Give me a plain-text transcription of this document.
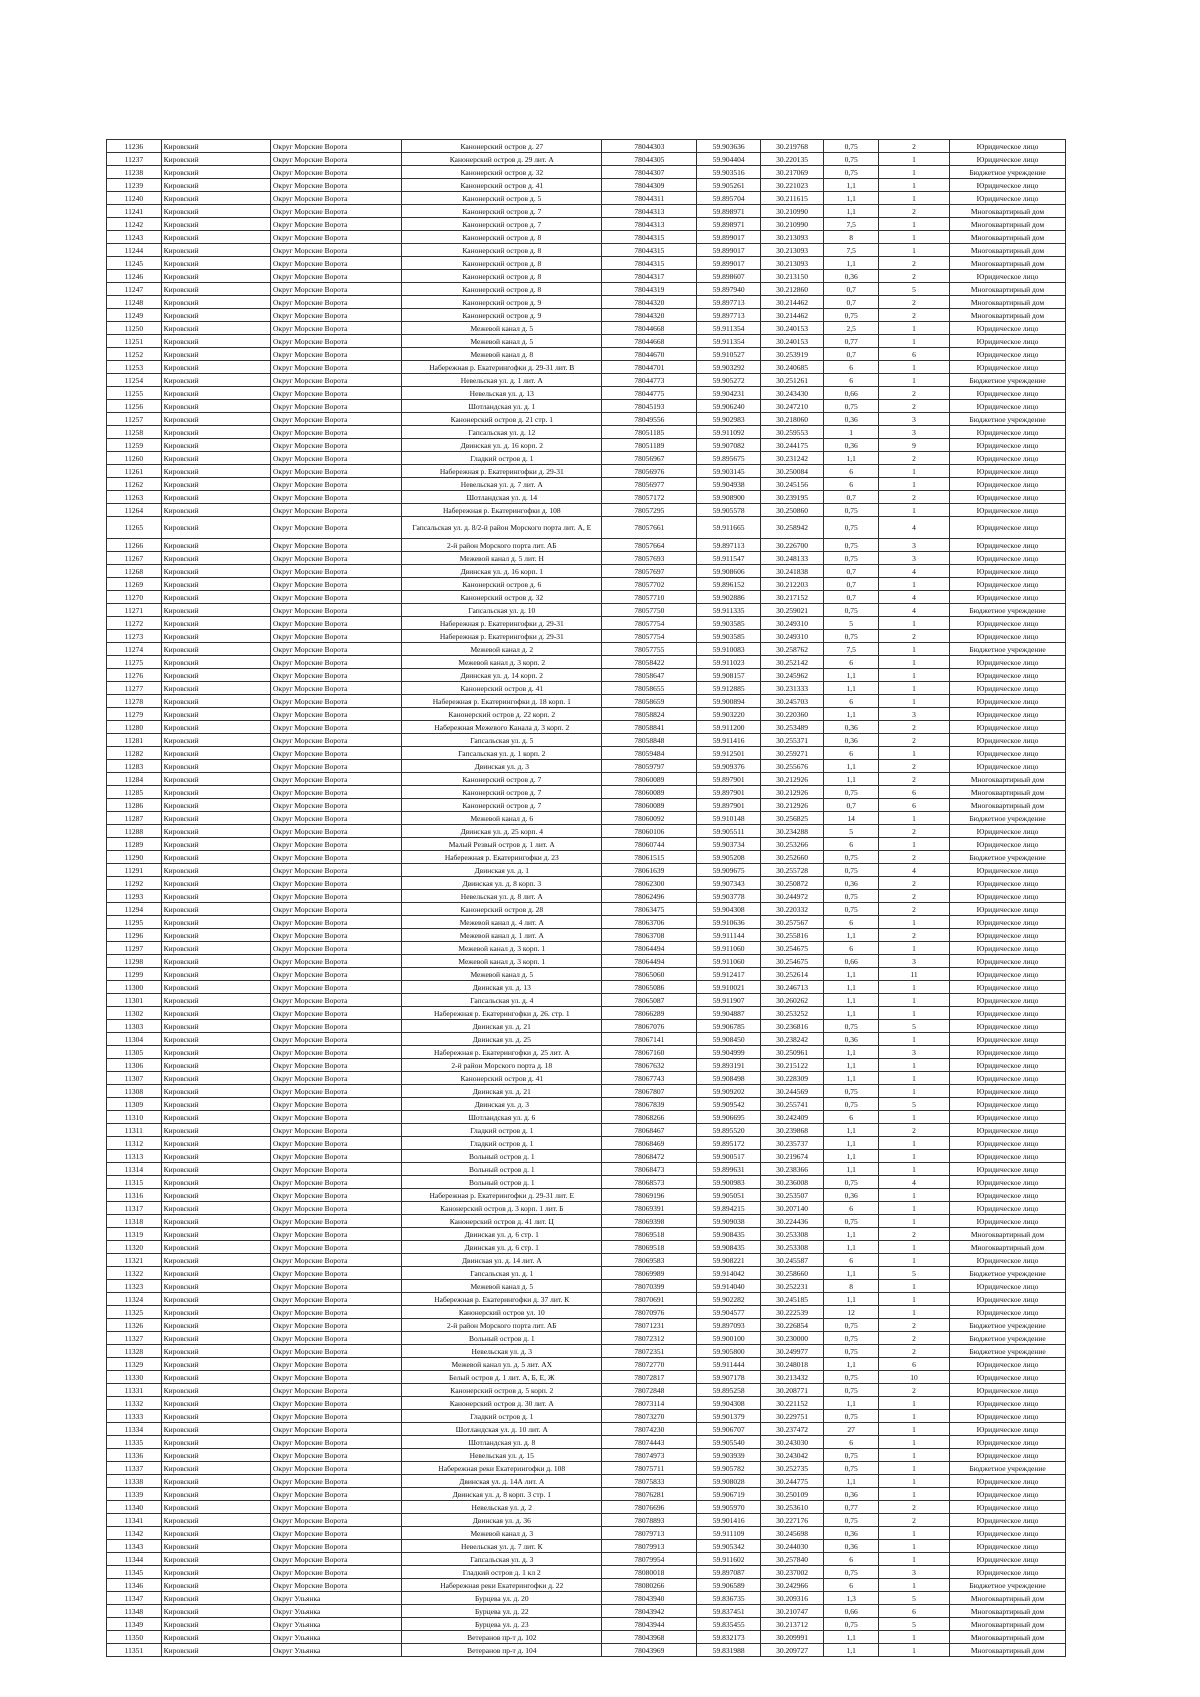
11236	Кировский	Округ Морские Ворота	Канонерский остров д. 27	78044303	59.903636	30.219768	0,75	2	Юридическое лицо
11237	Кировский	Округ Морские Ворота	Канонерский остров д. 29 лит. А	78044305	59.904404	30.220135	0,75	1	Юридическое лицо
11238	Кировский	Округ Морские Ворота	Канонерский остров д. 32	78044307	59.903516	30.217069	0,75	1	Бюджетное учреждение
11239	Кировский	Округ Морские Ворота	Канонерский остров д. 41	78044309	59.905261	30.221023	1,1	1	Юридическое лицо
11240	Кировский	Округ Морские Ворота	Канонерский остров д. 5	78044311	59.895704	30.211615	1,1	1	Юридическое лицо
11241	Кировский	Округ Морские Ворота	Канонерский остров д. 7	78044313	59.898971	30.210990	1,1	2	Многоквартирный дом
11242	Кировский	Округ Морские Ворота	Канонерский остров д. 7	78044313	59.898971	30.210990	7,5	1	Многоквартирный дом
11243	Кировский	Округ Морские Ворота	Канонерский остров д. 8	78044315	59.899017	30.213093	8	1	Многоквартирный дом
11244	Кировский	Округ Морские Ворота	Канонерский остров д. 8	78044315	59.899017	30.213093	7,5	1	Многоквартирный дом
11245	Кировский	Округ Морские Ворота	Канонерский остров д. 8	78044315	59.899017	30.213093	1,1	2	Многоквартирный дом
11246	Кировский	Округ Морские Ворота	Канонерский остров д. 8	78044317	59.898607	30.213150	0,36	2	Юридическое лицо
11247	Кировский	Округ Морские Ворота	Канонерский остров д. 8	78044319	59.897940	30.212860	0,7	5	Многоквартирный дом
11248	Кировский	Округ Морские Ворота	Канонерский остров д. 9	78044320	59.897713	30.214462	0,7	2	Многоквартирный дом
11249	Кировский	Округ Морские Ворота	Канонерский остров д. 9	78044320	59.897713	30.214462	0,75	2	Многоквартирный дом
11250	Кировский	Округ Морские Ворота	Межевой канал д. 5	78044668	59.911354	30.240153	2,5	1	Юридическое лицо
11251	Кировский	Округ Морские Ворота	Межевой канал д. 5	78044668	59.911354	30.240153	0,77	1	Юридическое лицо
11252	Кировский	Округ Морские Ворота	Межевой канал д. 8	78044670	59.910527	30.253919	0,7	6	Юридическое лицо
11253	Кировский	Округ Морские Ворота	Набережная р. Екатерингофки д. 29-31 лит. В	78044701	59.903292	30.240685	6	1	Юридическое лицо
11254	Кировский	Округ Морские Ворота	Невельская ул. д. 1 лит. А	78044773	59.905272	30.251261	6	1	Бюджетное учреждение
11255	Кировский	Округ Морские Ворота	Невельская ул. д. 13	78044775	59.904231	30.243430	0,66	2	Юридическое лицо
11256	Кировский	Округ Морские Ворота	Шотландская ул. д. 1	78045193	59.906240	30.247210	0,75	2	Юридическое лицо
11257	Кировский	Округ Морские Ворота	Канонерский остров д. 21 стр. 1	78049556	59.902983	30.218060	0,36	3	Бюджетное учреждение
11258	Кировский	Округ Морские Ворота	Гапсальская ул. д. 12	78051185	59.911092	30.259553	1	3	Юридическое лицо
11259	Кировский	Округ Морские Ворота	Двинская ул. д. 16 корп. 2	78051189	59.907082	30.244175	0,36	9	Юридическое лицо
11260	Кировский	Округ Морские Ворота	Гладкий остров д. 1	78056967	59.895675	30.231242	1,1	2	Юридическое лицо
11261	Кировский	Округ Морские Ворота	Набережная р. Екатерингофки д. 29-31	78056976	59.903145	30.250084	6	1	Юридическое лицо
11262	Кировский	Округ Морские Ворота	Невельская ул. д. 7 лит. А	78056977	59.904938	30.245156	6	1	Юридическое лицо
11263	Кировский	Округ Морские Ворота	Шотландская ул. д. 14	78057172	59.908900	30.239195	0,7	2	Юридическое лицо
11264	Кировский	Округ Морские Ворота	Набережная р. Екатерингофки д. 108	78057295	59.905578	30.250860	0,75	1	Юридическое лицо
11265	Кировский	Округ Морские Ворота	Гапсальская ул. д. 8/2-й район Морского порта лит. А, Е	78057661	59.911665	30.258942	0,75	4	Юридическое лицо
11266	Кировский	Округ Морские Ворота	2-й район Морского порта лит. АБ	78057664	59.897113	30.226700	0,75	3	Юридическое лицо
11267	Кировский	Округ Морские Ворота	Межевой канал д. 5 лит. Н	78057693	59.911547	30.248133	0,75	3	Юридическое лицо
11268	Кировский	Округ Морские Ворота	Двинская ул. д. 16 корп. 1	78057697	59.908606	30.241838	0,7	4	Юридическое лицо
11269	Кировский	Округ Морские Ворота	Канонерский остров д. 6	78057702	59.896152	30.212203	0,7	1	Юридическое лицо
11270	Кировский	Округ Морские Ворота	Канонерский остров д. 32	78057710	59.902886	30.217152	0,7	4	Юридическое лицо
11271	Кировский	Округ Морские Ворота	Гапсальская ул. д. 10	78057750	59.911335	30.259021	0,75	4	Бюджетное учреждение
11272	Кировский	Округ Морские Ворота	Набережная р. Екатерингофки д. 29-31	78057754	59.903585	30.249310	5	1	Юридическое лицо
11273	Кировский	Округ Морские Ворота	Набережная р. Екатерингофки д. 29-31	78057754	59.903585	30.249310	0,75	2	Юридическое лицо
11274	Кировский	Округ Морские Ворота	Межевой канал д. 2	78057755	59.910083	30.258762	7,5	1	Бюджетное учреждение
11275	Кировский	Округ Морские Ворота	Межевой канал д. 3 корп. 2	78058422	59.911023	30.252142	6	1	Юридическое лицо
11276	Кировский	Округ Морские Ворота	Двинская ул. д. 14 корп. 2	78058647	59.908157	30.245962	1,1	1	Юридическое лицо
11277	Кировский	Округ Морские Ворота	Канонерский остров д. 41	78058655	59.912885	30.231333	1,1	1	Юридическое лицо
11278	Кировский	Округ Морские Ворота	Набережная р. Екатерингофки д. 18 корп. 1	78058659	59.900894	30.245703	6	1	Юридическое лицо
11279	Кировский	Округ Морские Ворота	Канонерский остров д. 22 корп. 2	78058824	59.903220	30.220360	1,1	3	Юридическое лицо
11280	Кировский	Округ Морские Ворота	Набережная Межевого Канала д. 3 корп. 2	78058841	59.911200	30.253489	0,36	2	Юридическое лицо
11281	Кировский	Округ Морские Ворота	Гапсальская ул. д. 5	78058848	59.911416	30.255371	0,36	2	Юридическое лицо
11282	Кировский	Округ Морские Ворота	Гапсальская ул. д. 1 корп. 2	78059484	59.912501	30.259271	6	1	Юридическое лицо
11283	Кировский	Округ Морские Ворота	Двинская ул. д. 3	78059797	59.909376	30.255676	1,1	2	Юридическое лицо
11284	Кировский	Округ Морские Ворота	Канонерский остров д. 7	78060089	59.897901	30.212926	1,1	2	Многоквартирный дом
11285	Кировский	Округ Морские Ворота	Канонерский остров д. 7	78060089	59.897901	30.212926	0,75	6	Многоквартирный дом
11286	Кировский	Округ Морские Ворота	Канонерский остров д. 7	78060089	59.897901	30.212926	0,7	6	Многоквартирный дом
11287	Кировский	Округ Морские Ворота	Межевой канал д. 6	78060092	59.910148	30.256825	14	1	Бюджетное учреждение
11288	Кировский	Округ Морские Ворота	Двинская ул. д. 25 корп. 4	78060106	59.905511	30.234288	5	2	Юридическое лицо
11289	Кировский	Округ Морские Ворота	Малый Резвый остров д. 1 лит. А	78060744	59.903734	30.253266	6	1	Юридическое лицо
11290	Кировский	Округ Морские Ворота	Набережная р. Екатерингофки д. 23	78061515	59.905208	30.252660	0,75	2	Бюджетное учреждение
11291	Кировский	Округ Морские Ворота	Двинская ул. д. 1	78061639	59.909675	30.255728	0,75	4	Юридическое лицо
11292	Кировский	Округ Морские Ворота	Двинская ул. д. 8 корп. 3	78062300	59.907343	30.250872	0,36	2	Юридическое лицо
11293	Кировский	Округ Морские Ворота	Невельская ул. д. 8 лит. А	78062496	59.903778	30.244972	0,75	2	Юридическое лицо
11294	Кировский	Округ Морские Ворота	Канонерский остров д. 28	78063475	59.904308	30.220332	0,75	2	Юридическое лицо
11295	Кировский	Округ Морские Ворота	Межевой канал д. 4 лит. А	78063706	59.910636	30.257567	6	1	Юридическое лицо
11296	Кировский	Округ Морские Ворота	Межевой канал д. 1 лит. А	78063708	59.911144	30.255816	1,1	2	Юридическое лицо
11297	Кировский	Округ Морские Ворота	Межевой канал д. 3 корп. 1	78064494	59.911060	30.254675	6	1	Юридическое лицо
11298	Кировский	Округ Морские Ворота	Межевой канал д. 3 корп. 1	78064494	59.911060	30.254675	0,66	3	Юридическое лицо
11299	Кировский	Округ Морские Ворота	Межевой канал д. 5	78065060	59.912417	30.252614	1,1	11	Юридическое лицо
11300	Кировский	Округ Морские Ворота	Двинская ул. д. 13	78065086	59.910021	30.246713	1,1	1	Юридическое лицо
11301	Кировский	Округ Морские Ворота	Гапсальская ул. д. 4	78065087	59.911907	30.260262	1,1	1	Юридическое лицо
11302	Кировский	Округ Морские Ворота	Набережная р. Екатерингофки д. 26. стр. 1	78066289	59.904887	30.253252	1,1	1	Юридическое лицо
11303	Кировский	Округ Морские Ворота	Двинская ул. д. 21	78067076	59.906785	30.236816	0,75	5	Юридическое лицо
11304	Кировский	Округ Морские Ворота	Двинская ул. д. 25	78067141	59.908450	30.238242	0,36	1	Юридическое лицо
11305	Кировский	Округ Морские Ворота	Набережная р. Екатерингофки д. 25 лит. А	78067160	59.904999	30.250961	1,1	3	Юридическое лицо
11306	Кировский	Округ Морские Ворота	2-й район Морского порта д. 18	78067632	59.893191	30.215122	1,1	1	Юридическое лицо
11307	Кировский	Округ Морские Ворота	Канонерский остров д. 41	78067743	59.908498	30.228309	1,1	1	Юридическое лицо
11308	Кировский	Округ Морские Ворота	Двинская ул. д. 21	78067807	59.909202	30.244569	0,75	1	Юридическое лицо
11309	Кировский	Округ Морские Ворота	Двинская ул. д. 3	78067839	59.909542	30.255741	0,75	5	Юридическое лицо
11310	Кировский	Округ Морские Ворота	Шотландская ул. д. 6	78068266	59.906695	30.242409	6	1	Юридическое лицо
11311	Кировский	Округ Морские Ворота	Гладкий остров д. 1	78068467	59.895520	30.239868	1,1	2	Юридическое лицо
11312	Кировский	Округ Морские Ворота	Гладкий остров д. 1	78068469	59.895172	30.235737	1,1	1	Юридическое лицо
11313	Кировский	Округ Морские Ворота	Вольный остров д. 1	78068472	59.900517	30.219674	1,1	1	Юридическое лицо
11314	Кировский	Округ Морские Ворота	Вольный остров д. 1	78068473	59.899631	30.238366	1,1	1	Юридическое лицо
11315	Кировский	Округ Морские Ворота	Вольный остров д. 1	78068573	59.900983	30.236008	0,75	4	Юридическое лицо
11316	Кировский	Округ Морские Ворота	Набережная р. Екатерингофки д. 29-31 лит. Е	78069196	59.905051	30.253507	0,36	1	Юридическое лицо
11317	Кировский	Округ Морские Ворота	Канонерский остров д. 3 корп. 1 лит. Б	78069391	59.894215	30.207140	6	1	Юридическое лицо
11318	Кировский	Округ Морские Ворота	Канонерский остров д. 41 лит. Ц	78069398	59.909038	30.224436	0,75	1	Юридическое лицо
11319	Кировский	Округ Морские Ворота	Двинская ул. д. 6 стр. 1	78069518	59.908435	30.253308	1,1	2	Многоквартирный дом
11320	Кировский	Округ Морские Ворота	Двинская ул. д. 6 стр. 1	78069518	59.908435	30.253308	1,1	1	Многоквартирный дом
11321	Кировский	Округ Морские Ворота	Двинская ул. д. 14 лит. А	78069583	59.908221	30.245587	6	1	Юридическое лицо
11322	Кировский	Округ Морские Ворота	Гапсальская ул. д. 1	78069989	59.914042	30.258660	1,1	5	Бюджетное учреждение
11323	Кировский	Округ Морские Ворота	Межевой канал д. 5	78070399	59.914040	30.252231	8	1	Юридическое лицо
11324	Кировский	Округ Морские Ворота	Набережная р. Екатерингофки д. 37 лит. К	78070691	59.902282	30.245185	1,1	1	Юридическое лицо
11325	Кировский	Округ Морские Ворота	Канонерский остров ул. 10	78070976	59.904577	30.222539	12	1	Юридическое лицо
11326	Кировский	Округ Морские Ворота	2-й район Морского порта лит. АБ	78071231	59.897093	30.226854	0,75	2	Бюджетное учреждение
11327	Кировский	Округ Морские Ворота	Вольный остров д. 1	78072312	59.900100	30.230000	0,75	2	Бюджетное учреждение
11328	Кировский	Округ Морские Ворота	Невельская ул. д. 3	78072351	59.905800	30.249977	0,75	2	Бюджетное учреждение
11329	Кировский	Округ Морские Ворота	Межевой канал ул. д. 5 лит. АХ	78072770	59.911444	30.248018	1,1	6	Юридическое лицо
11330	Кировский	Округ Морские Ворота	Белый остров д. 1 лит. А, Б, Е, Ж	78072817	59.907178	30.213432	0,75	10	Юридическое лицо
11331	Кировский	Округ Морские Ворота	Канонерский остров д. 5 корп. 2	78072848	59.895258	30.208771	0,75	2	Юридическое лицо
11332	Кировский	Округ Морские Ворота	Канонерский остров д. 30 лит. А	78073114	59.904308	30.221152	1,1	1	Юридическое лицо
11333	Кировский	Округ Морские Ворота	Гладкий остров д. 1	78073270	59.901379	30.229751	0,75	1	Юридическое лицо
11334	Кировский	Округ Морские Ворота	Шотландская ул. д. 10 лит. А	78074230	59.906707	30.237472	27	1	Юридическое лицо
11335	Кировский	Округ Морские Ворота	Шотландская ул. д. 8	78074443	59.905540	30.243030	6	1	Юридическое лицо
11336	Кировский	Округ Морские Ворота	Невельская ул. д. 15	78074973	59.903939	30.243042	0,75	1	Юридическое лицо
11337	Кировский	Округ Морские Ворота	Набережная реки Екатерингофки д. 108	78075711	59.905782	30.252735	0,75	1	Бюджетное учреждение
11338	Кировский	Округ Морские Ворота	Двинская ул. д. 14А лит. А	78075833	59.908028	30.244775	1,1	1	Юридическое лицо
11339	Кировский	Округ Морские Ворота	Двинская ул. д. 8 корп. 3 стр. 1	78076281	59.906719	30.250109	0,36	1	Юридическое лицо
11340	Кировский	Округ Морские Ворота	Невельская ул. д. 2	78076696	59.905970	30.253610	0,77	2	Юридическое лицо
11341	Кировский	Округ Морские Ворота	Двинская ул. д. 36	78078893	59.901416	30.227176	0,75	2	Юридическое лицо
11342	Кировский	Округ Морские Ворота	Межевой канал д. 3	78079713	59.911109	30.245698	0,36	1	Юридическое лицо
11343	Кировский	Округ Морские Ворота	Невельская ул. д. 7 лит. К	78079913	59.905342	30.244030	0,36	1	Юридическое лицо
11344	Кировский	Округ Морские Ворота	Гапсальская ул. д. 3	78079954	59.911602	30.257840	6	1	Юридическое лицо
11345	Кировский	Округ Морские Ворота	Гладкий остров д. 1 кл 2	78080018	59.897087	30.237002	0,75	3	Юридическое лицо
11346	Кировский	Округ Морские Ворота	Набережная реки Екатерингофки д. 22	78080266	59.906589	30.242966	6	1	Бюджетное учреждение
11347	Кировский	Округ Ульянка	Бурцева ул. д. 20	78043940	59.836735	30.209316	1,3	5	Многоквартирный дом
11348	Кировский	Округ Ульянка	Бурцева ул. д. 22	78043942	59.837451	30.210747	0,66	6	Многоквартирный дом
11349	Кировский	Округ Ульянка	Бурцева ул. д. 23	78043944	59.835455	30.213712	0,75	5	Многоквартирный дом
11350	Кировский	Округ Ульянка	Ветеранов пр-т д. 102	78043968	59.832173	30.209991	1,1	1	Многоквартирный дом
11351	Кировский	Округ Ульянка	Ветеранов пр-т д. 104	78043969	59.831988	30.209727	1,1	1	Многоквартирный дом
